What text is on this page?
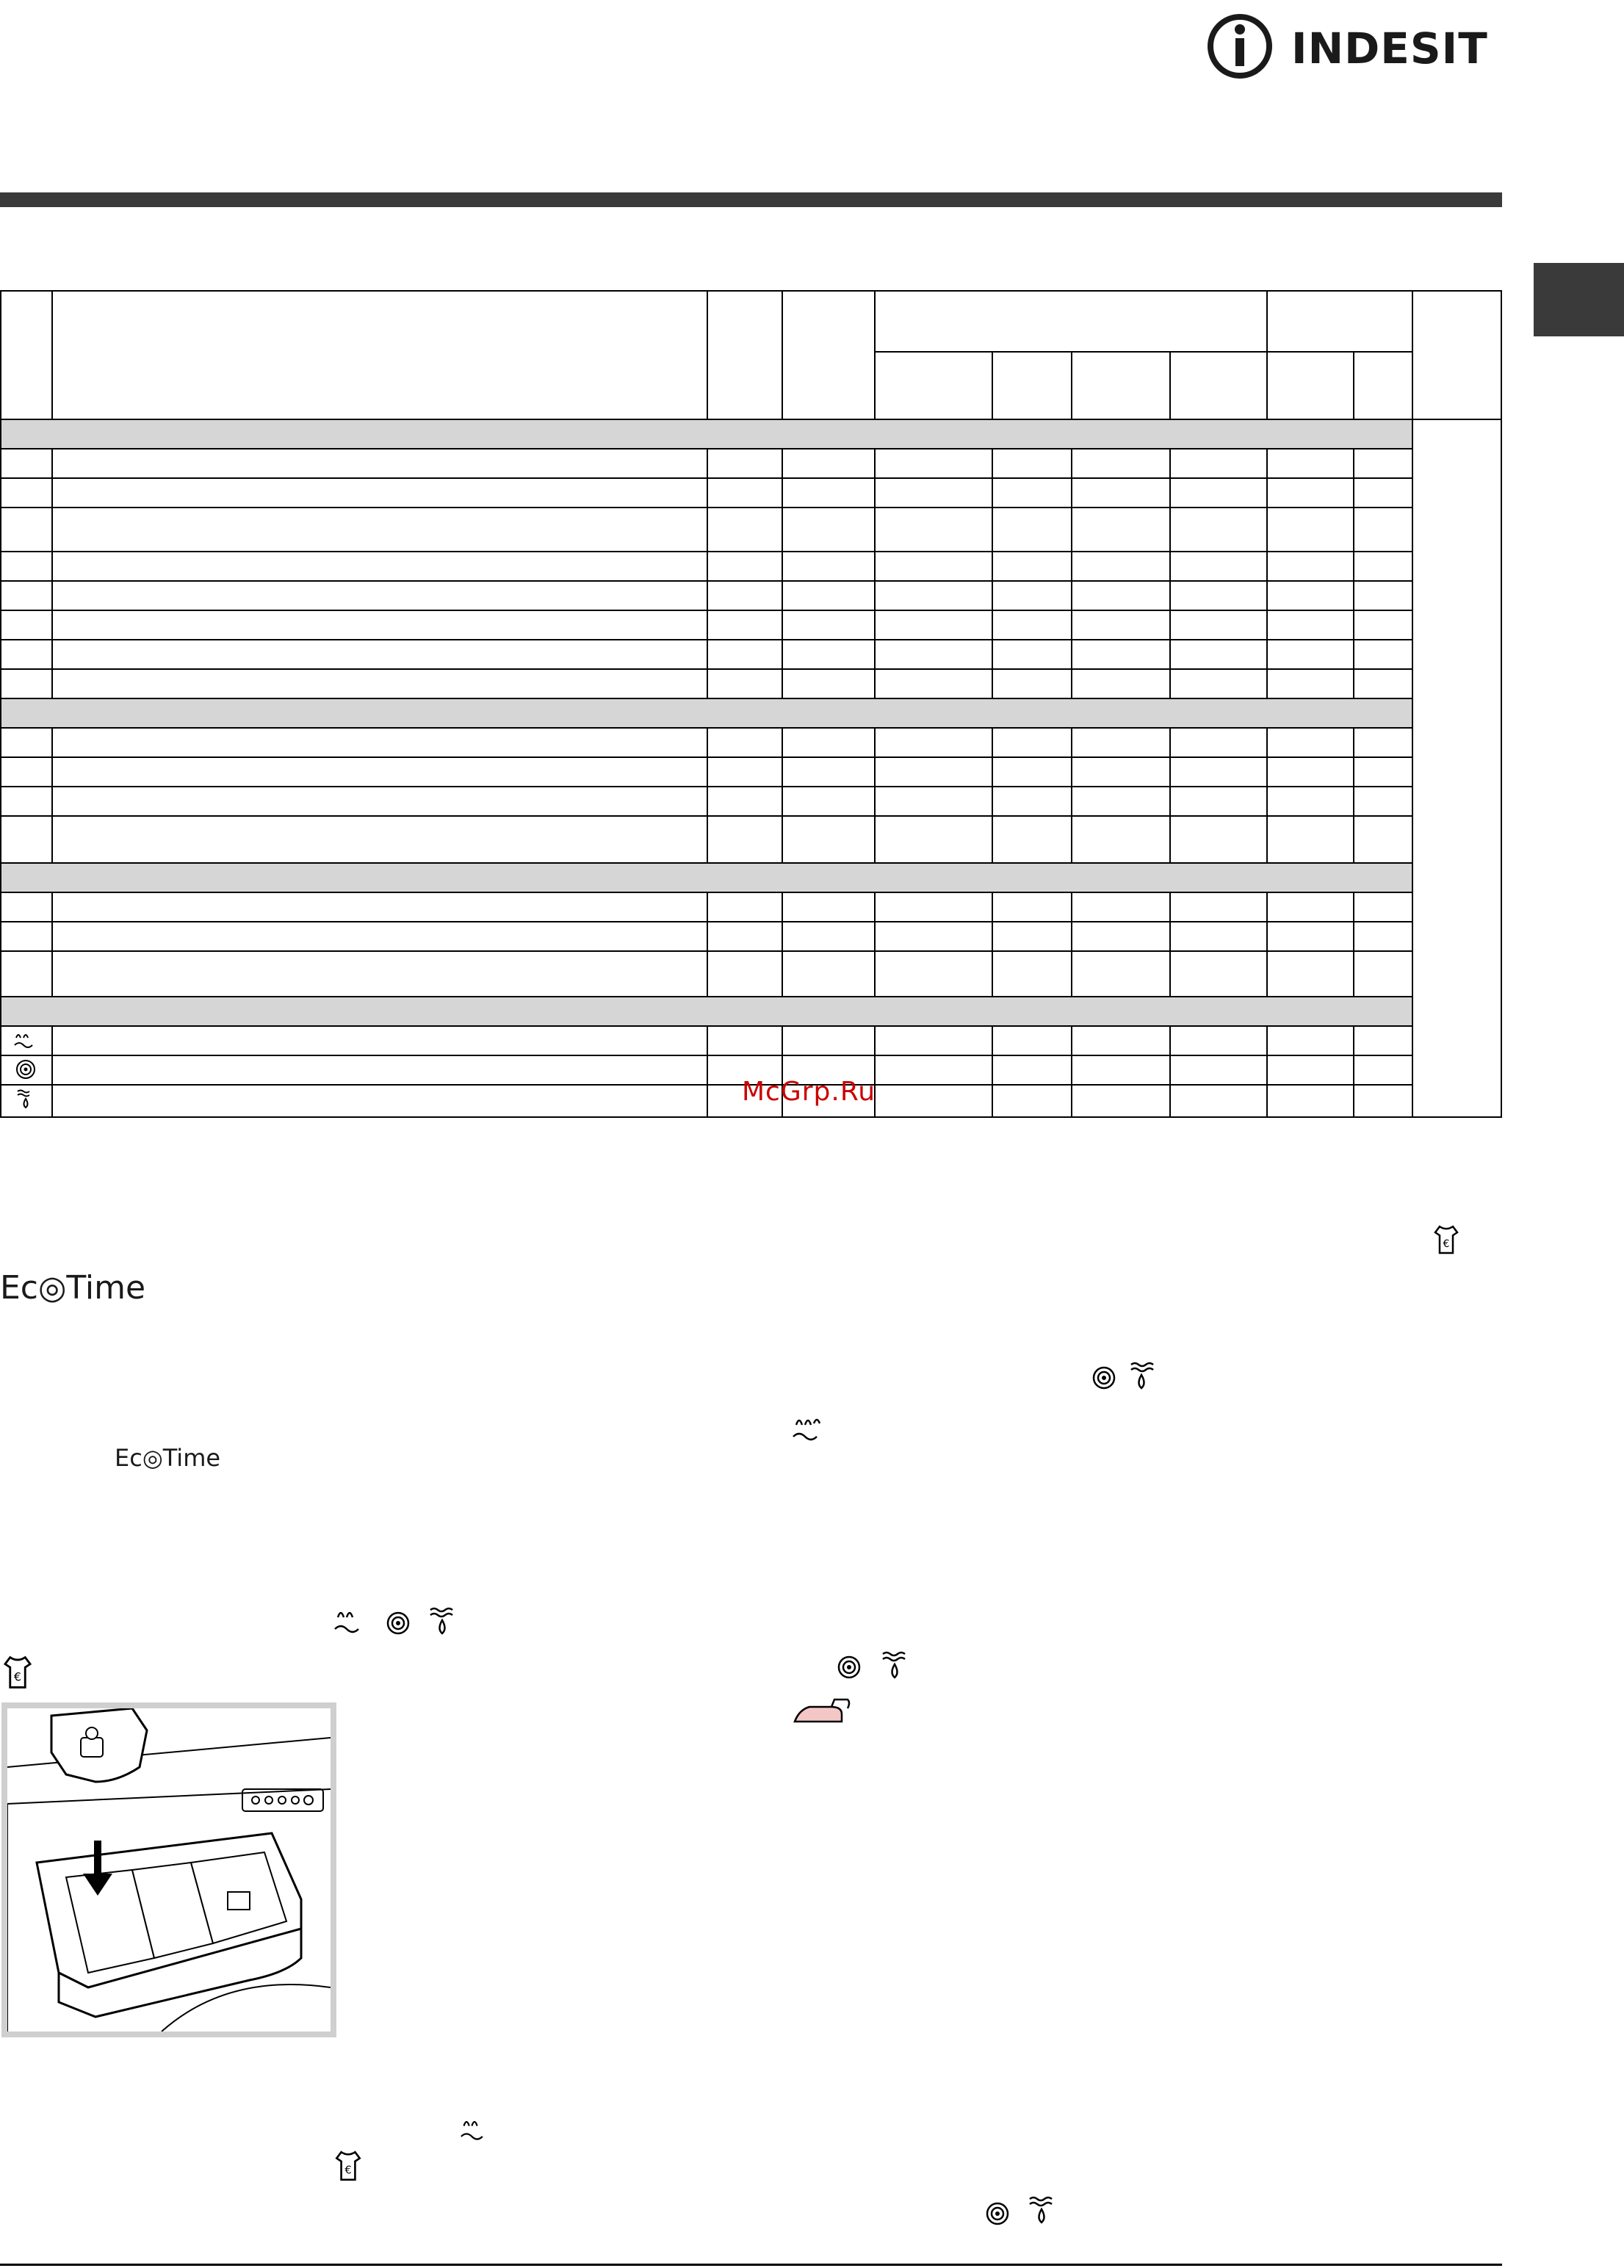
INDESIT
McGrp.Ru
€
Ec◎Time
Ec◎Time
€
€
